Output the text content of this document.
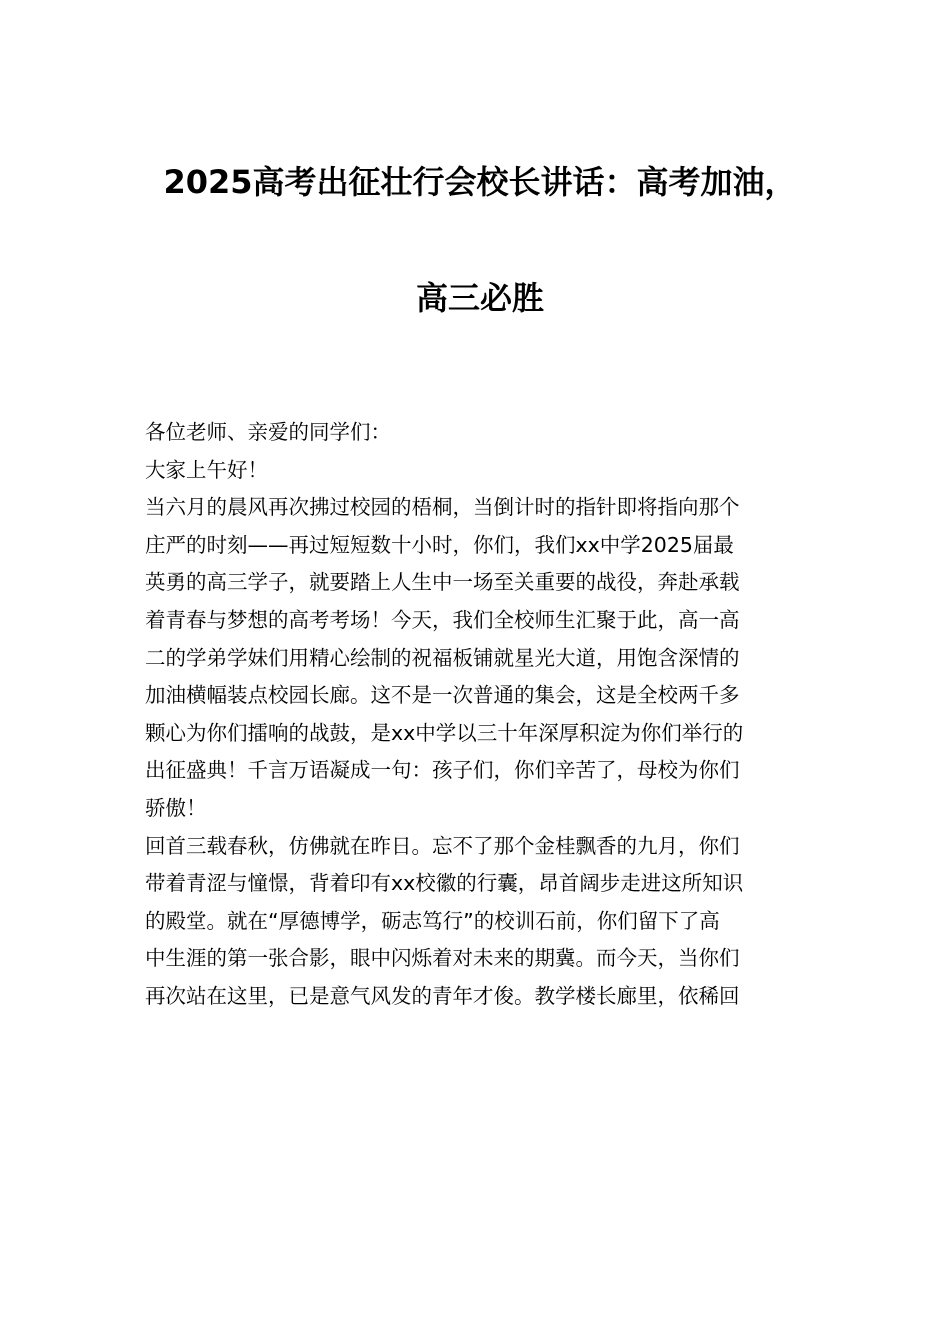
2025高考出征壮行会校长讲话：高考加油，
高三必胜
各位老师、亲爱的同学们：
大家上午好！
当六月的晨风再次拂过校园的梧桐，当倒计时的指针即将指向那个
庄严的时刻——再过短短数十小时，你们，我们xx中学2025届最
英勇的高三学子，就要踏上人生中一场至关重要的战役，奔赴承载
着青春与梦想的高考考场！今天，我们全校师生汇聚于此，高一高
二的学弟学妹们用精心绘制的祝福板铺就星光大道，用饱含深情的
加油横幅装点校园长廊。这不是一次普通的集会，这是全校两千多
颗心为你们擂响的战鼓，是xx中学以三十年深厚积淀为你们举行的
出征盛典！千言万语凝成一句：孩子们，你们辛苦了，母校为你们
骄傲！
回首三载春秋，仿佛就在昨日。忘不了那个金桂飘香的九月，你们
带着青涩与憧憬，背着印有xx校徽的行囊，昂首阔步走进这所知识
的殿堂。就在“厚德博学，砺志笃行”的校训石前，你们留下了高
中生涯的第一张合影，眼中闪烁着对未来的期冀。而今天，当你们
再次站在这里，已是意气风发的青年才俊。教学楼长廊里，依稀回
